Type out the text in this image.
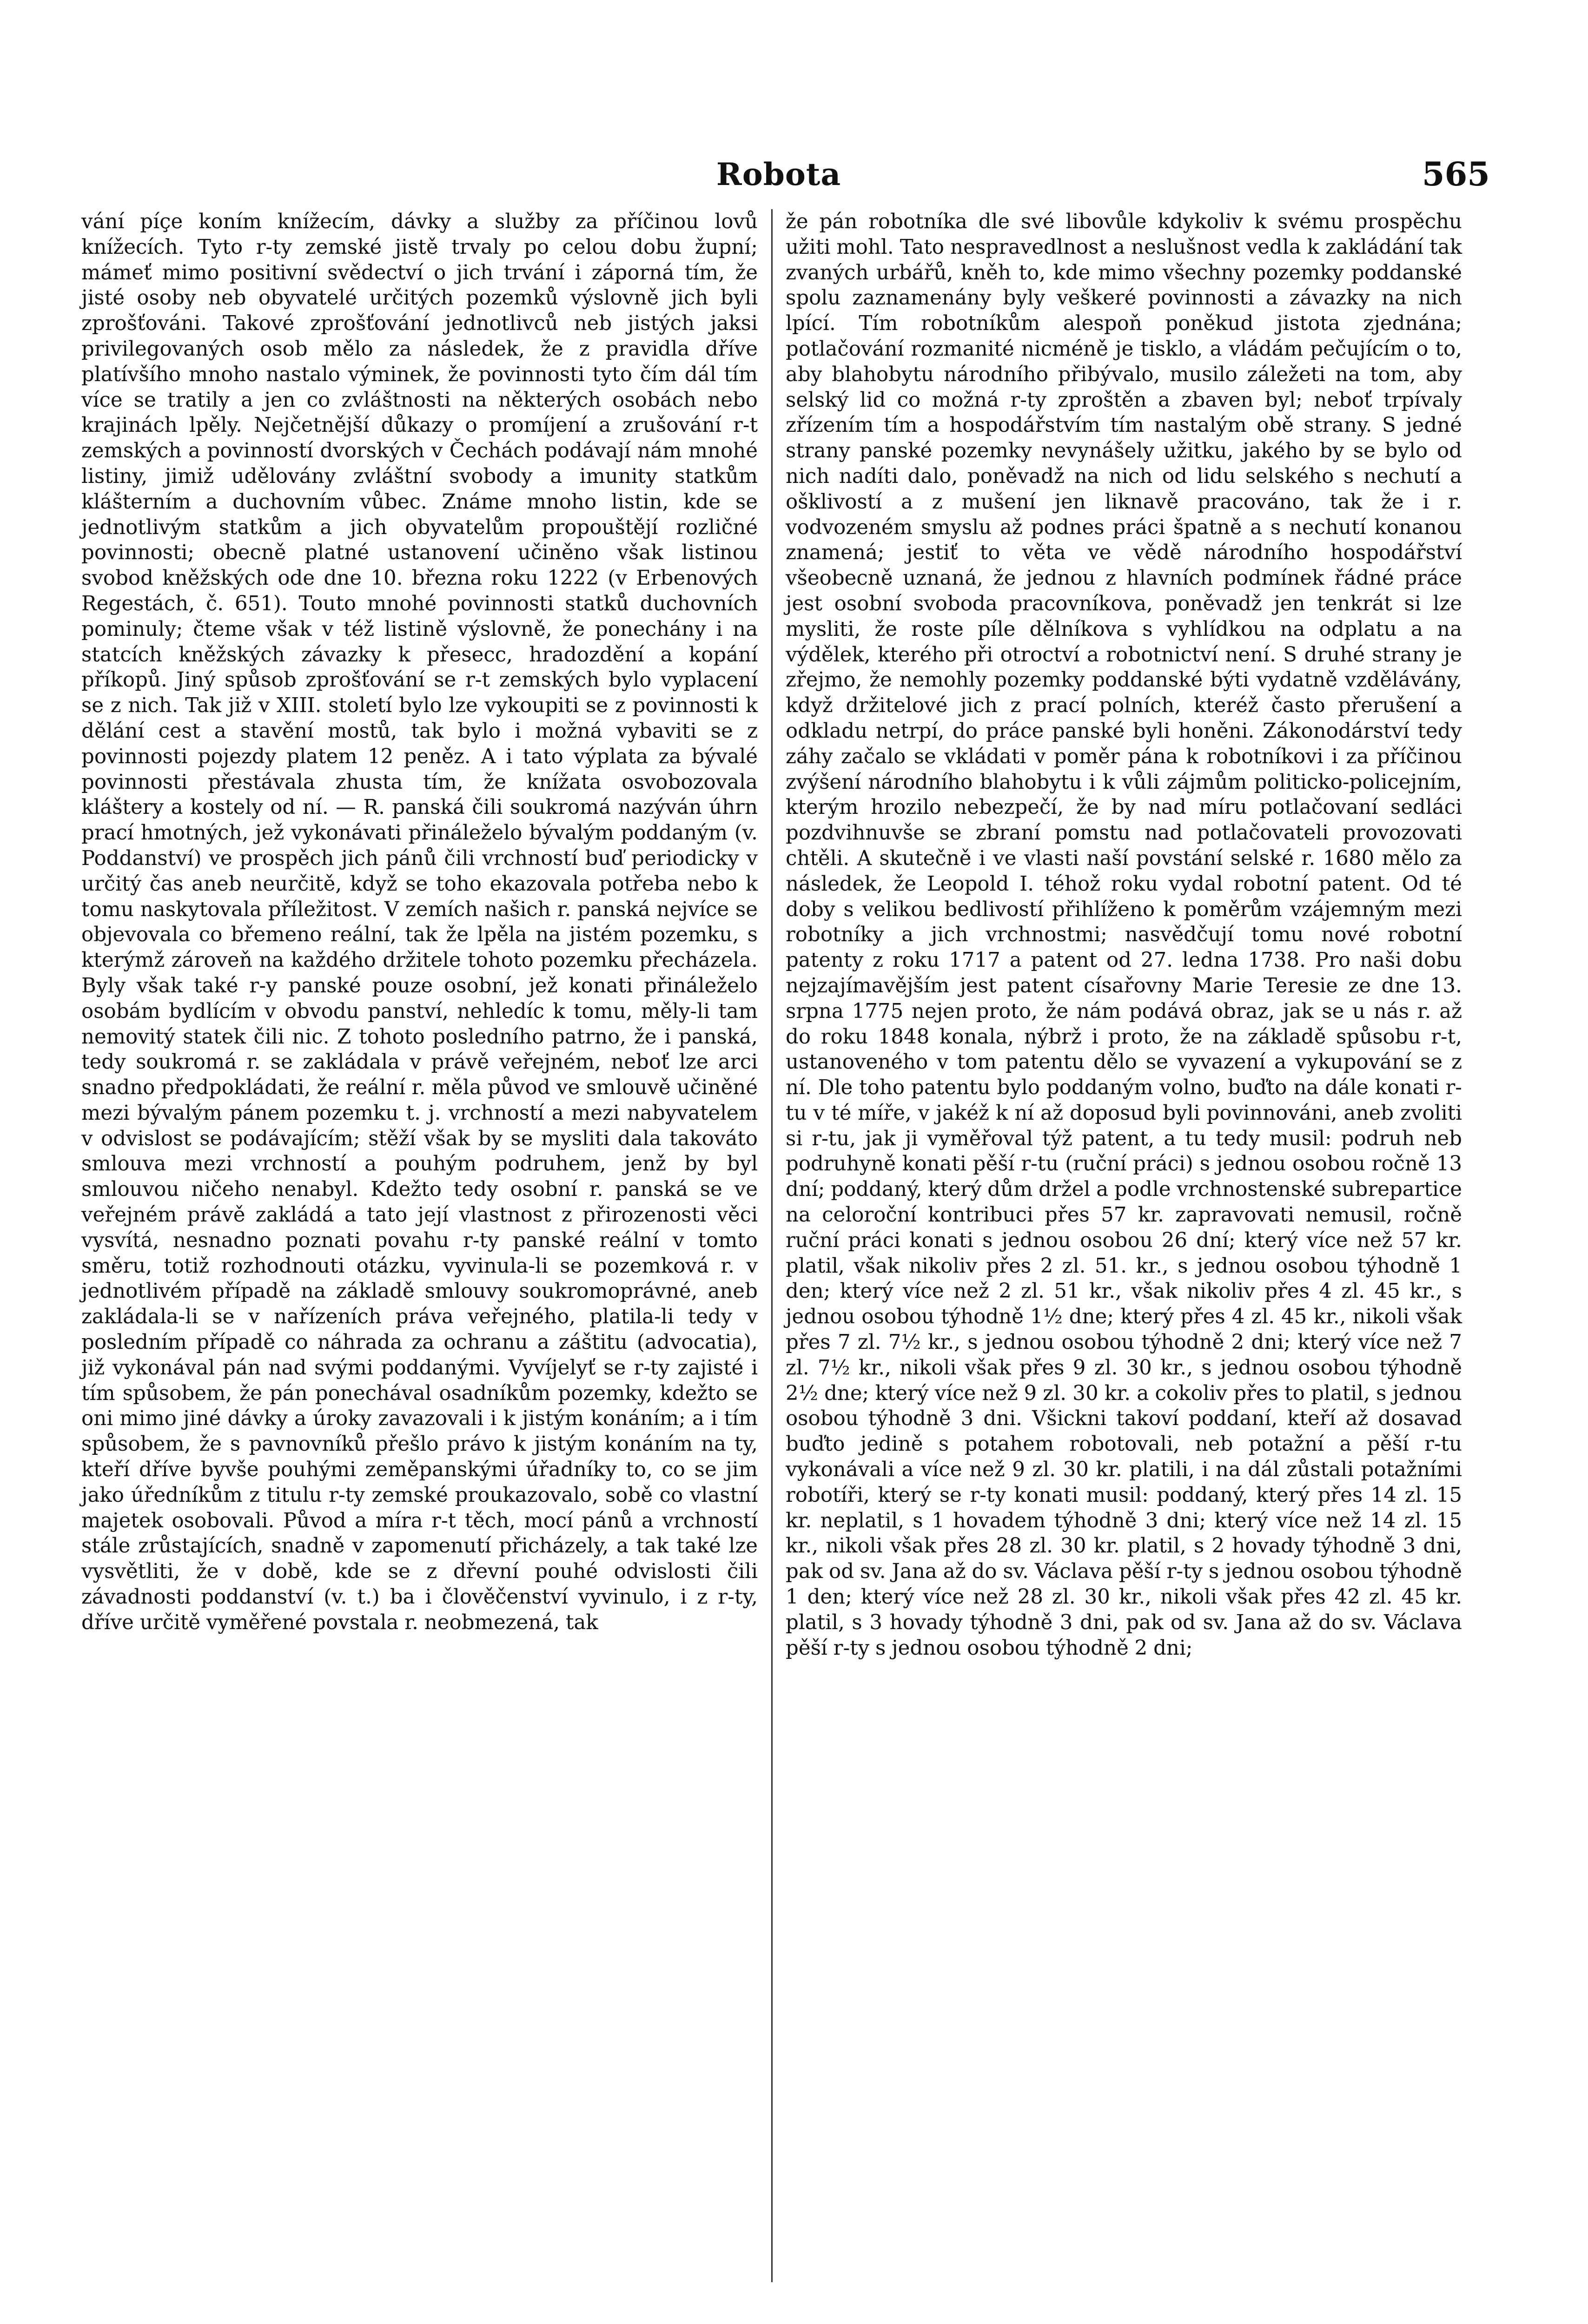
Robota	565

vání píçe koním knížecím, dávky a služby za příčinou lovů knížecích. Tyto r-ty zemské jistě trvaly po celou dobu župní; mámeť mimo positivní svědectví o jich trvání i záporná tím, že jisté osoby neb obyvatelé určitých pozemků výslovně jich byli zprošťováni. Takové zprošťování jednotlivců neb jistých jaksi privilegovaných osob mělo za následek, že z pravidla dříve platívšího mnoho nastalo výminek, že povinnosti tyto čím dál tím více se tratily a jen co zvláštnosti na některých osobách nebo krajinách lpěly. Nejčetnější důkazy o promíjení a zrušování r-t zemských a povinností dvorských v Čechách podávají nám mnohé listiny, jimiž udělovány zvláštní svobody a imunity statkům klášterním a duchovním vůbec. Známe mnoho listin, kde se jednotlivým statkům a jich obyvatelům propouštějí rozličné povinnosti; obecně platné ustanovení učiněno však listinou svobod kněžských ode dne 10. března roku 1222 (v Erbenových Regestách, č. 651). Touto mnohé povinnosti statků duchovních pominuly; čteme však v též listině výslovně, že ponechány i na statcích kněžských závazky k přesecc, hradozdění a kopání příkopů. Jiný spůsob zprošťování se r-t zemských bylo vyplacení se z nich. Tak již v XIII. století bylo lze vykoupiti se z povinnosti k dělání cest a stavění mostů, tak bylo i možná vybaviti se z povinnosti pojezdy platem 12 peněz. A i tato výplata za bývalé povinnosti přestávala zhusta tím, že knížata osvobozovala kláštery a kostely od ní. — R. panská čili soukromá nazýván úhrn prací hmotných, jež vykonávati přináleželo bývalým poddaným (v. Poddanství) ve prospěch jich pánů čili vrchností buď periodicky v určitý čas aneb neurčitě, když se toho ekazovala potřeba nebo k tomu naskytovala příležitost. V zemích našich r. panská nejvíce se objevovala co břemeno reální, tak že lpěla na jistém pozemku, s kterýmž zároveň na každého držitele tohoto pozemku přecházela. Byly však také r-y panské pouze osobní, jež konati přináleželo osobám bydlícím v obvodu panství, nehledíc k tomu, měly-li tam nemovitý statek čili nic. Z tohoto posledního patrno, že i panská, tedy soukromá r. se zakládala v právě veřejném, neboť lze arci snadno předpokládati, že reální r. měla původ ve smlouvě učiněné mezi bývalým pánem pozemku t. j. vrchností a mezi nabyvatelem v odvislost se podávajícím; stěží však by se mysliti dala takováto smlouva mezi vrchností a pouhým podruhem, jenž by byl smlouvou ničeho nenabyl. Kdežto tedy osobní r. panská se ve veřejném právě zakládá a tato její vlastnost z přirozenosti věci vysvítá, nesnadno poznati povahu r-ty panské reální v tomto směru, totiž rozhodnouti otázku, vyvinula-li se pozemková r. v jednotlivém případě na základě smlouvy soukromoprávné, aneb zakládala-li se v nařízeních práva veřejného, platila-li tedy v posledním případě co náhrada za ochranu a záštitu (advocatia), již vykonával pán nad svými poddanými. Vyvíjelyť se r-ty zajisté i tím spůsobem, že pán ponechával osadníkům pozemky, kdežto se oni mimo jiné dávky a úroky zavazovali i k jistým konáním; a i tím spůsobem, že s pavnovníků přešlo právo k jistým konáním na ty, kteří dříve byvše pouhými zeměpanskými úřadníky to, co se jim jako úředníkům z titulu r-ty zemské proukazovalo, sobě co vlastní majetek osobovali. Původ a míra r-t těch, mocí pánů a vrchností stále zrůstajících, snadně v zapomenutí přicházely, a tak také lze vysvětliti, že v době, kde se z dřevní pouhé odvislosti čili závadnosti poddanství (v. t.) ba i člověčenství vyvinulo, i z r-ty, dříve určitě vyměřené povstala r. neobmezená, tak

že pán robotníka dle své libovůle kdykoliv k svému prospěchu užiti mohl. Tato nespravedlnost a neslušnost vedla k zakládání tak zvaných urbářů, kněh to, kde mimo všechny pozemky poddanské spolu zaznamenány byly veškeré povinnosti a závazky na nich lpící. Tím robotníkům alespoň poněkud jistota zjednána; potlačování rozmanité nicméně je tisklo, a vládám pečujícím o to, aby blahobytu národního přibývalo, musilo záležeti na tom, aby selský lid co možná r-ty zproštěn a zbaven byl; neboť trpívaly zřízením tím a hospodářstvím tím nastalým obě strany. S jedné strany panské pozemky nevynášely užitku, jakého by se bylo od nich nadíti dalo, poněvadž na nich od lidu selského s nechutí a ošklivostí a z mušení jen liknavě pracováno, tak že i r. vodvozeném smyslu až podnes práci špatně a s nechutí konanou znamená; jestiť to věta ve vědě národního hospodářství všeobecně uznaná, že jednou z hlavních podmínek řádné práce jest osobní svoboda pracovníkova, poněvadž jen tenkrát si lze mysliti, že roste píle dělníkova s vyhlídkou na odplatu a na výdělek, kterého při otroctví a robotnictví není. S druhé strany je zřejmo, že nemohly pozemky poddanské býti vydatně vzdělávány, když držitelové jich z prací polních, kteréž často přerušení a odkladu netrpí, do práce panské byli honěni. Zákonodárství tedy záhy začalo se vkládati v poměr pána k robotníkovi i za příčinou zvýšení národního blahobytu i k vůli zájmům politicko-policejním, kterým hrozilo nebezpečí, že by nad míru potlačovaní sedláci pozdvihnuvše se zbraní pomstu nad potlačovateli provozovati chtěli. A skutečně i ve vlasti naší povstání selské r. 1680 mělo za následek, že Leopold I. téhož roku vydal robotní patent. Od té doby s velikou bedlivostí přihlíženo k poměrům vzájemným mezi robotníky a jich vrchnostmi; nasvědčují tomu nové robotní patenty z roku 1717 a patent od 27. ledna 1738. Pro naši dobu nejzajímavějším jest patent císařovny Marie Teresie ze dne 13. srpna 1775 nejen proto, že nám podává obraz, jak se u nás r. až do roku 1848 konala, nýbrž i proto, že na základě spůsobu r-t, ustanoveného v tom patentu dělo se vyvazení a vykupování se z ní. Dle toho patentu bylo poddaným volno, buďto na dále konati r-tu v té míře, v jakéž k ní až doposud byli povinnováni, aneb zvoliti si r-tu, jak ji vyměřoval týž patent, a tu tedy musil: podruh neb podruhyně konati pěší r-tu (ruční práci) s jednou osobou ročně 13 dní; poddaný, který dům držel a podle vrchnostenské subrepartice na celoroční kontribuci přes 57 kr. zapravovati nemusil, ročně ruční práci konati s jednou osobou 26 dní; který více než 57 kr. platil, však nikoliv přes 2 zl. 51. kr., s jednou osobou týhodně 1 den; který více než 2 zl. 51 kr., však nikoliv přes 4 zl. 45 kr., s jednou osobou týhodně 1½ dne; který přes 4 zl. 45 kr., nikoli však přes 7 zl. 7½ kr., s jednou osobou týhodně 2 dni; který více než 7 zl. 7½ kr., nikoli však přes 9 zl. 30 kr., s jednou osobou týhodně 2½ dne; který více než 9 zl. 30 kr. a cokoliv přes to platil, s jednou osobou týhodně 3 dni. Všickni takoví poddaní, kteří až dosavad buďto jedině s potahem robotovali, neb potažní a pěší r-tu vykonávali a více než 9 zl. 30 kr. platili, i na dál zůstali potažními robotíři, který se r-ty konati musil: poddaný, který přes 14 zl. 15 kr. neplatil, s 1 hovadem týhodně 3 dni; který více než 14 zl. 15 kr., nikoli však přes 28 zl. 30 kr. platil, s 2 hovady týhodně 3 dni, pak od sv. Jana až do sv. Václava pěší r-ty s jednou osobou týhodně 1 den; který více než 28 zl. 30 kr., nikoli však přes 42 zl. 45 kr. platil, s 3 hovady týhodně 3 dni, pak od sv. Jana až do sv. Václava pěší r-ty s jednou osobou týhodně 2 dni;
